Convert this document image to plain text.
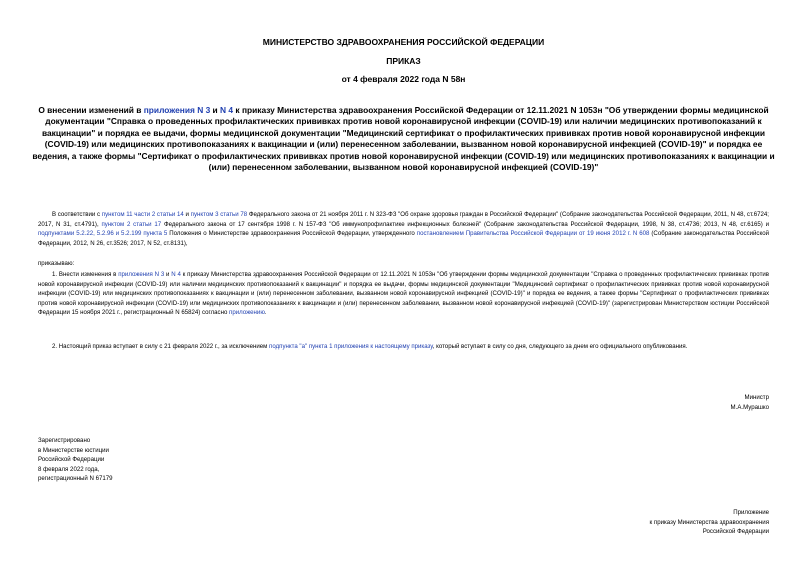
МИНИСТЕРСТВО ЗДРАВООХРАНЕНИЯ РОССИЙСКОЙ ФЕДЕРАЦИИ
ПРИКАЗ
от 4 февраля 2022 года N 58н
О внесении изменений в приложения N 3 и N 4 к приказу Министерства здравоохранения Российской Федерации от 12.11.2021 N 1053н "Об утверждении формы медицинской документации "Справка о проведенных профилактических прививках против новой коронавирусной инфекции (COVID-19) или наличии медицинских противопоказаний к вакцинации" и порядка ее выдачи, формы медицинской документации "Медицинский сертификат о профилактических прививках против новой коронавирусной инфекции (COVID-19) или медицинских противопоказаниях к вакцинации и (или) перенесенном заболевании, вызванном новой коронавирусной инфекцией (COVID-19)" и порядка ее ведения, а также формы "Сертификат о профилактических прививках против новой коронавирусной инфекции (COVID-19) или медицинских противопоказаниях к вакцинации и (или) перенесенном заболевании, вызванном новой коронавирусной инфекцией (COVID-19)"
В соответствии с пунктом 11 части 2 статьи 14 и пунктом 3 статьи 78 Федерального закона от 21 ноября 2011 г. N 323-ФЗ "Об охране здоровья граждан в Российской Федерации" (Собрание законодательства Российской Федерации, 2011, N 48, ст.6724; 2017, N 31, ст.4791), пунктом 2 статьи 17 Федерального закона от 17 сентября 1998 г. N 157-ФЗ "Об иммунопрофилактике инфекционных болезней" (Собрание законодательства Российской Федерации, 1998, N 38, ст.4736; 2013, N 48, ст.6165) и подпунктами 5.2.22, 5.2.96 и 5.2.199 пункта 5 Положения о Министерстве здравоохранения Российской Федерации, утвержденного постановлением Правительства Российской Федерации от 19 июня 2012 г. N 608 (Собрание законодательства Российской Федерации, 2012, N 26, ст.3526; 2017, N 52, ст.8131),
приказываю:
1. Внести изменения в приложения N 3 и N 4 к приказу Министерства здравоохранения Российской Федерации от 12.11.2021 N 1053н "Об утверждении формы медицинской документации "Справка о проведенных профилактических прививках против новой коронавирусной инфекции (COVID-19) или наличии медицинских противопоказаний к вакцинации" и порядка ее выдачи, формы медицинской документации "Медицинский сертификат о профилактических прививках против новой коронавирусной инфекции (COVID-19) или медицинских противопоказаниях к вакцинации и (или) перенесенном заболевании, вызванном новой коронавирусной инфекцией (COVID-19)" и порядка ее ведения, а также формы "Сертификат о профилактических прививках против новой коронавирусной инфекции (COVID-19) или медицинских противопоказаниях к вакцинации и (или) перенесенном заболевании, вызванном новой коронавирусной инфекцией (COVID-19)" (зарегистрирован Министерством юстиции Российской Федерации 15 ноября 2021 г., регистрационный N 65824) согласно приложению.
2. Настоящий приказ вступает в силу с 21 февраля 2022 г., за исключением подпункта "а" пункта 1 приложения к настоящему приказу, который вступает в силу со дня, следующего за днем его официального опубликования.
Министр
М.А.Мурашко
Зарегистрировано
в Министерстве юстиции
Российской Федерации
8 февраля 2022 года,
регистрационный N 67179
Приложение
к приказу Министерства здравоохранения
Российской Федерации
